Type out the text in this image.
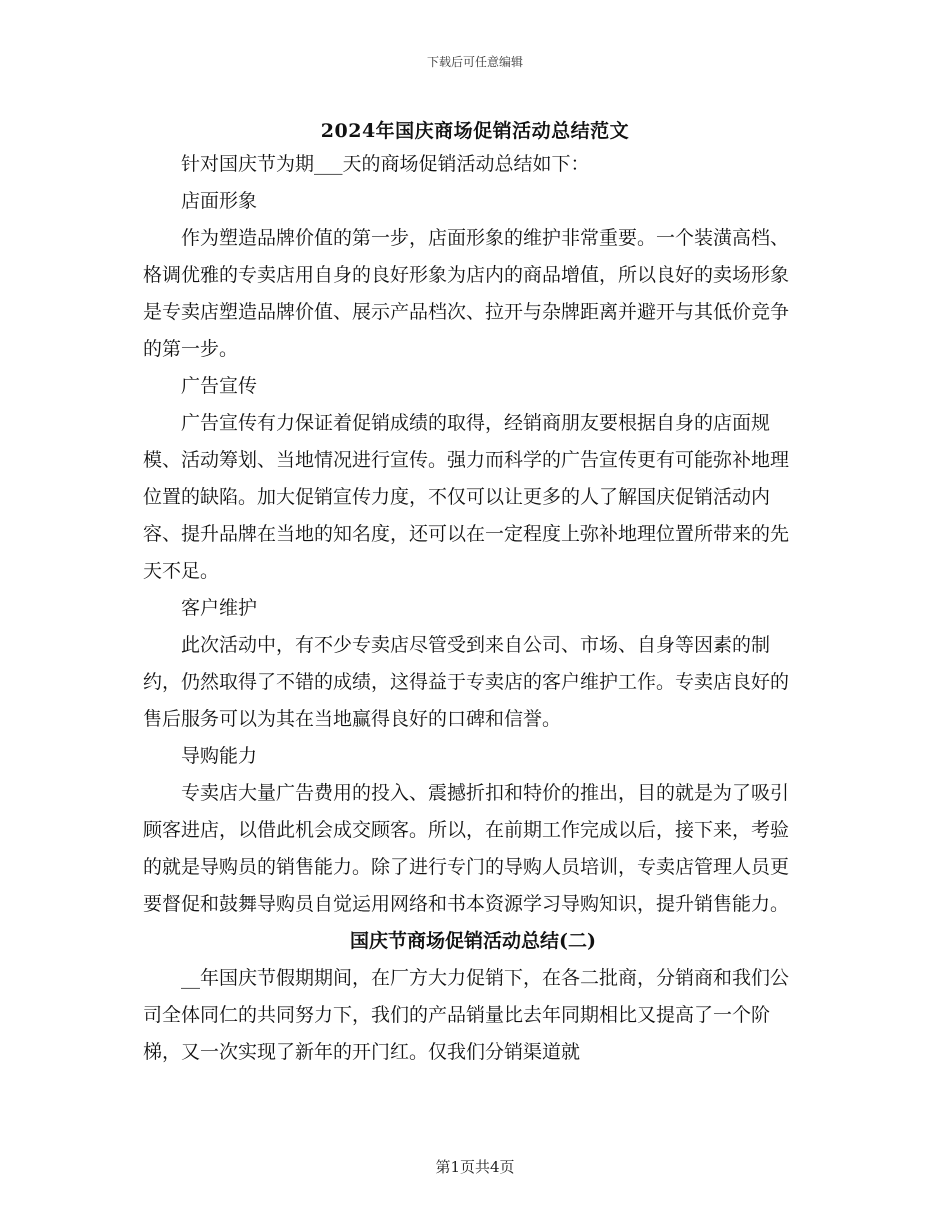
下载后可任意编辑
2024年国庆商场促销活动总结范文

针对国庆节为期___天的商场促销活动总结如下：

店面形象

作为塑造品牌价值的第一步，店面形象的维护非常重要。一个装潢高档、格调优雅的专卖店用自身的良好形象为店内的商品增值，所以良好的卖场形象是专卖店塑造品牌价值、展示产品档次、拉开与杂牌距离并避开与其低价竞争的第一步。

广告宣传

广告宣传有力保证着促销成绩的取得，经销商朋友要根据自身的店面规模、活动筹划、当地情况进行宣传。强力而科学的广告宣传更有可能弥补地理位置的缺陷。加大促销宣传力度，不仅可以让更多的人了解国庆促销活动内容、提升品牌在当地的知名度，还可以在一定程度上弥补地理位置所带来的先天不足。

客户维护

此次活动中，有不少专卖店尽管受到来自公司、市场、自身等因素的制约，仍然取得了不错的成绩，这得益于专卖店的客户维护工作。专卖店良好的售后服务可以为其在当地赢得良好的口碑和信誉。

导购能力

专卖店大量广告费用的投入、震撼折扣和特价的推出，目的就是为了吸引顾客进店，以借此机会成交顾客。所以，在前期工作完成以后，接下来，考验的就是导购员的销售能力。除了进行专门的导购人员培训，专卖店管理人员更要督促和鼓舞导购员自觉运用网络和书本资源学习导购知识，提升销售能力。

国庆节商场促销活动总结(二)

__年国庆节假期期间，在厂方大力促销下，在各二批商，分销商和我们公司全体同仁的共同努力下，我们的产品销量比去年同期相比又提高了一个阶梯，又一次实现了新年的开门红。仅我们分销渠道就

第1页共4页
